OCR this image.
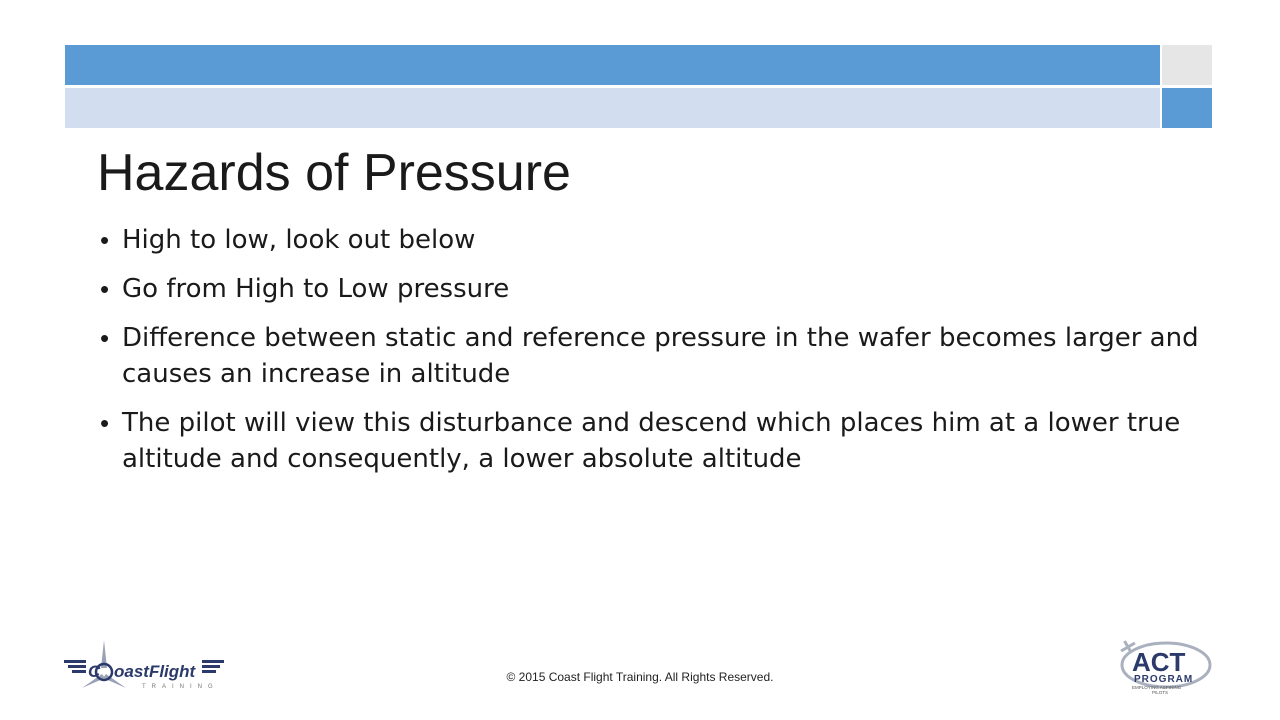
Hazards of Pressure
• High to low, look out below
• Go from High to Low pressure
• Difference between static and reference pressure in the wafer becomes larger and causes an increase in altitude
• The pilot will view this disturbance and descend which places him at a lower true altitude and consequently, a lower absolute altitude
C oastFlight
TRAINING
© 2015 Coast Flight Training. All Rights Reserved.	ACT
PROGRAM
EMPLOYING ASPIRING
PILOTS
